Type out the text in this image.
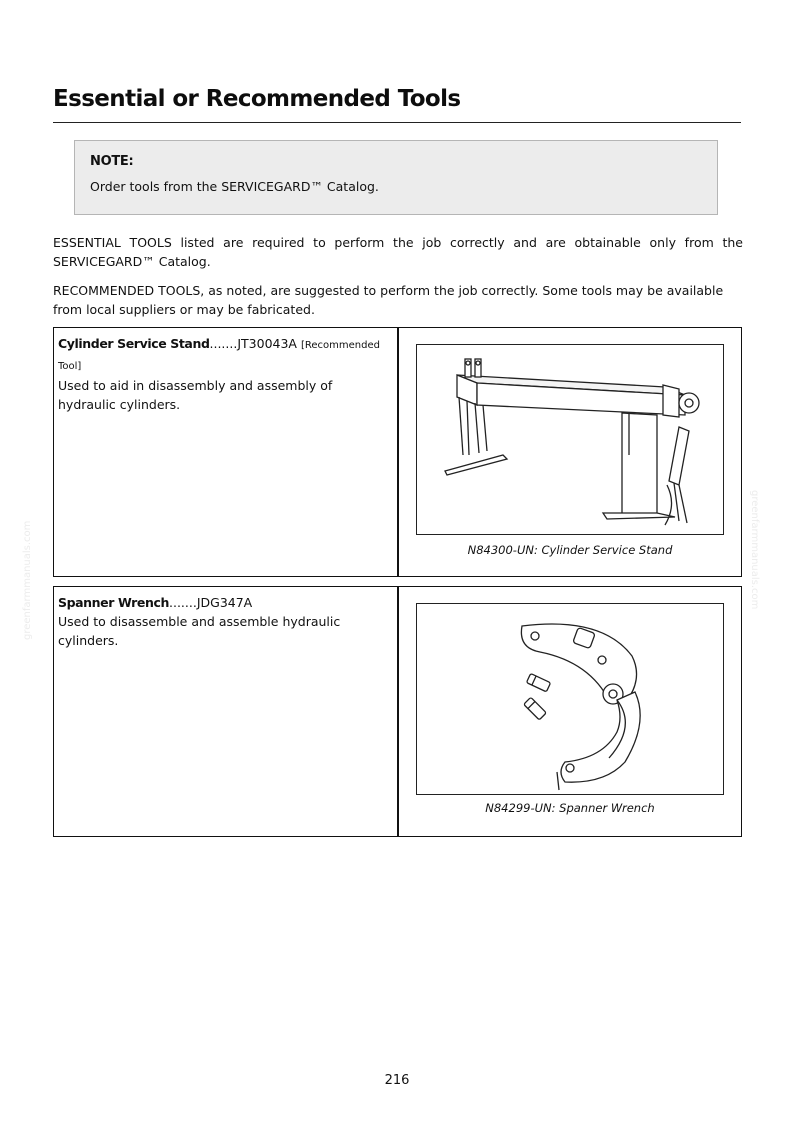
Essential or Recommended Tools
NOTE:
Order tools from the SERVICEGARD™ Catalog.
ESSENTIAL TOOLS listed are required to perform the job correctly and are obtainable only from the SERVICEGARD™ Catalog.
RECOMMENDED TOOLS, as noted, are suggested to perform the job correctly. Some tools may be available from local suppliers or may be fabricated.
Cylinder Service Stand.......JT30043A [Recommended Tool]
Used to aid in disassembly and assembly of hydraulic cylinders.
N84300-UN: Cylinder Service Stand
Spanner Wrench.......JDG347A
Used to disassemble and assemble hydraulic cylinders.
N84299-UN: Spanner Wrench
greenfarmmanuals.com	greenfarmmanuals.com
216
